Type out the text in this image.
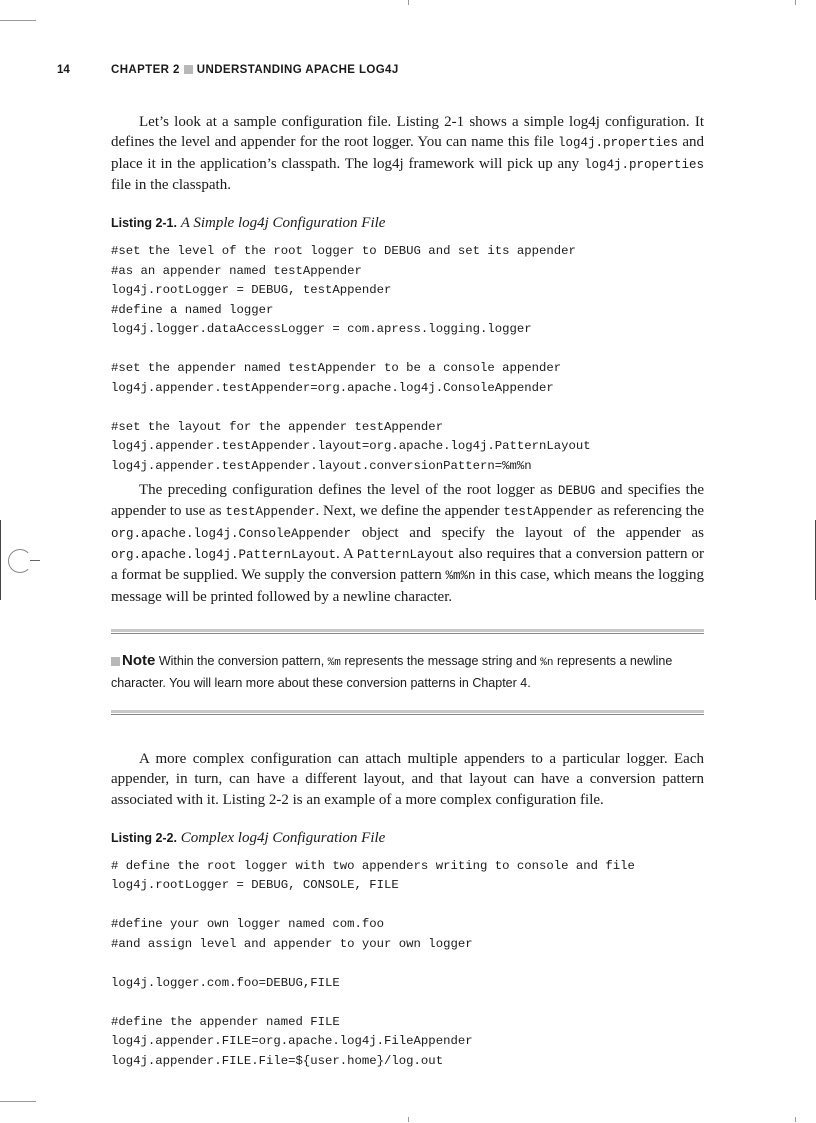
14	CHAPTER 2 UNDERSTANDING APACHE LOG4J

Let’s look at a sample configuration file. Listing 2-1 shows a simple log4j configuration. It defines the level and appender for the root logger. You can name this file log4j.properties and place it in the application’s classpath. The log4j framework will pick up any log4j.properties file in the classpath.

Listing 2-1. A Simple log4j Configuration File
#set the level of the root logger to DEBUG and set its appender
#as an appender named testAppender
log4j.rootLogger = DEBUG, testAppender
#define a named logger
log4j.logger.dataAccessLogger = com.apress.logging.logger

#set the appender named testAppender to be a console appender
log4j.appender.testAppender=org.apache.log4j.ConsoleAppender

#set the layout for the appender testAppender
log4j.appender.testAppender.layout=org.apache.log4j.PatternLayout
log4j.appender.testAppender.layout.conversionPattern=%m%n

The preceding configuration defines the level of the root logger as DEBUG and specifies the appender to use as testAppender. Next, we define the appender testAppender as referencing the org.apache.log4j.ConsoleAppender object and specify the layout of the appender as org.apache.log4j.PatternLayout. A PatternLayout also requires that a conversion pattern or a format be supplied. We supply the conversion pattern %m%n in this case, which means the logging message will be printed followed by a newline character.

Note Within the conversion pattern, %m represents the message string and %n represents a newline character. You will learn more about these conversion patterns in Chapter 4.

A more complex configuration can attach multiple appenders to a particular logger. Each appender, in turn, can have a different layout, and that layout can have a conversion pattern associated with it. Listing 2-2 is an example of a more complex configuration file.

Listing 2-2. Complex log4j Configuration File
# define the root logger with two appenders writing to console and file
log4j.rootLogger = DEBUG, CONSOLE, FILE

#define your own logger named com.foo
#and assign level and appender to your own logger

log4j.logger.com.foo=DEBUG,FILE

#define the appender named FILE
log4j.appender.FILE=org.apache.log4j.FileAppender
log4j.appender.FILE.File=${user.home}/log.out
